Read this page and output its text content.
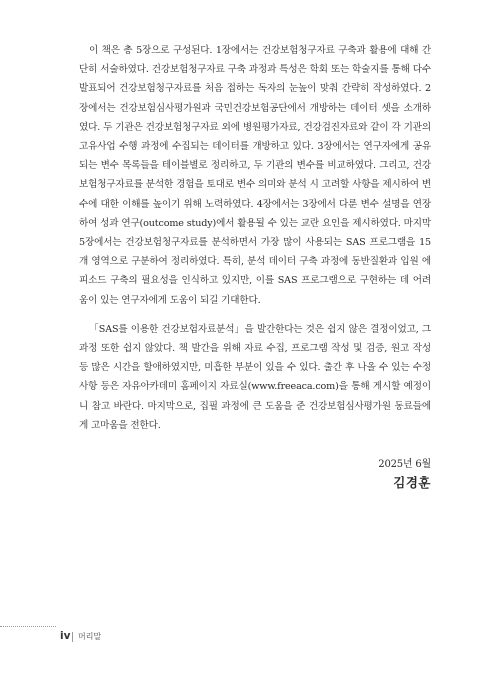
이 책은 총 5장으로 구성된다. 1장에서는 건강보험청구자료 구축과 활용에 대해 간단히 서술하였다. 건강보험청구자료 구축 과정과 특성은 학회 또는 학술지를 통해 다수 발표되어 건강보험청구자료를 처음 접하는 독자의 눈높이 맞춰 간략히 작성하였다. 2장에서는 건강보험심사평가원과 국민건강보험공단에서 개방하는 데이터 셋을 소개하였다. 두 기관은 건강보험청구자료 외에 병원평가자료, 건강검진자료와 같이 각 기관의 고유사업 수행 과정에 수집되는 데이터를 개방하고 있다. 3장에서는 연구자에게 공유되는 변수 목록들을 테이블별로 정리하고, 두 기관의 변수를 비교하였다. 그리고, 건강보험청구자료를 분석한 경험을 토대로 변수 의미와 분석 시 고려할 사항을 제시하여 변수에 대한 이해를 높이기 위해 노력하였다. 4장에서는 3장에서 다룬 변수 설명을 연장하여 성과 연구(outcome study)에서 활용될 수 있는 교란 요인을 제시하였다. 마지막 5장에서는 건강보험청구자료를 분석하면서 가장 많이 사용되는 SAS 프로그램을 15개 영역으로 구분하여 정리하였다. 특히, 분석 데이터 구축 과정에 동반질환과 입원 에피소드 구축의 필요성을 인식하고 있지만, 이를 SAS 프로그램으로 구현하는 데 어려움이 있는 연구자에게 도움이 되길 기대한다.

「SAS를 이용한 건강보험자료분석」을 발간한다는 것은 쉽지 않은 결정이었고, 그 과정 또한 쉽지 않았다. 책 발간을 위해 자료 수집, 프로그램 작성 및 검증, 원고 작성 등 많은 시간을 할애하였지만, 미흡한 부분이 있을 수 있다. 출간 후 나올 수 있는 수정사항 등은 자유아카데미 홈페이지 자료실(www.freeaca.com)을 통해 게시할 예정이니 참고 바란다. 마지막으로, 집필 과정에 큰 도움을 준 건강보험심사평가원 동료들에게 고마움을 전한다.

2025년 6월
김경훈
iv 머리말
